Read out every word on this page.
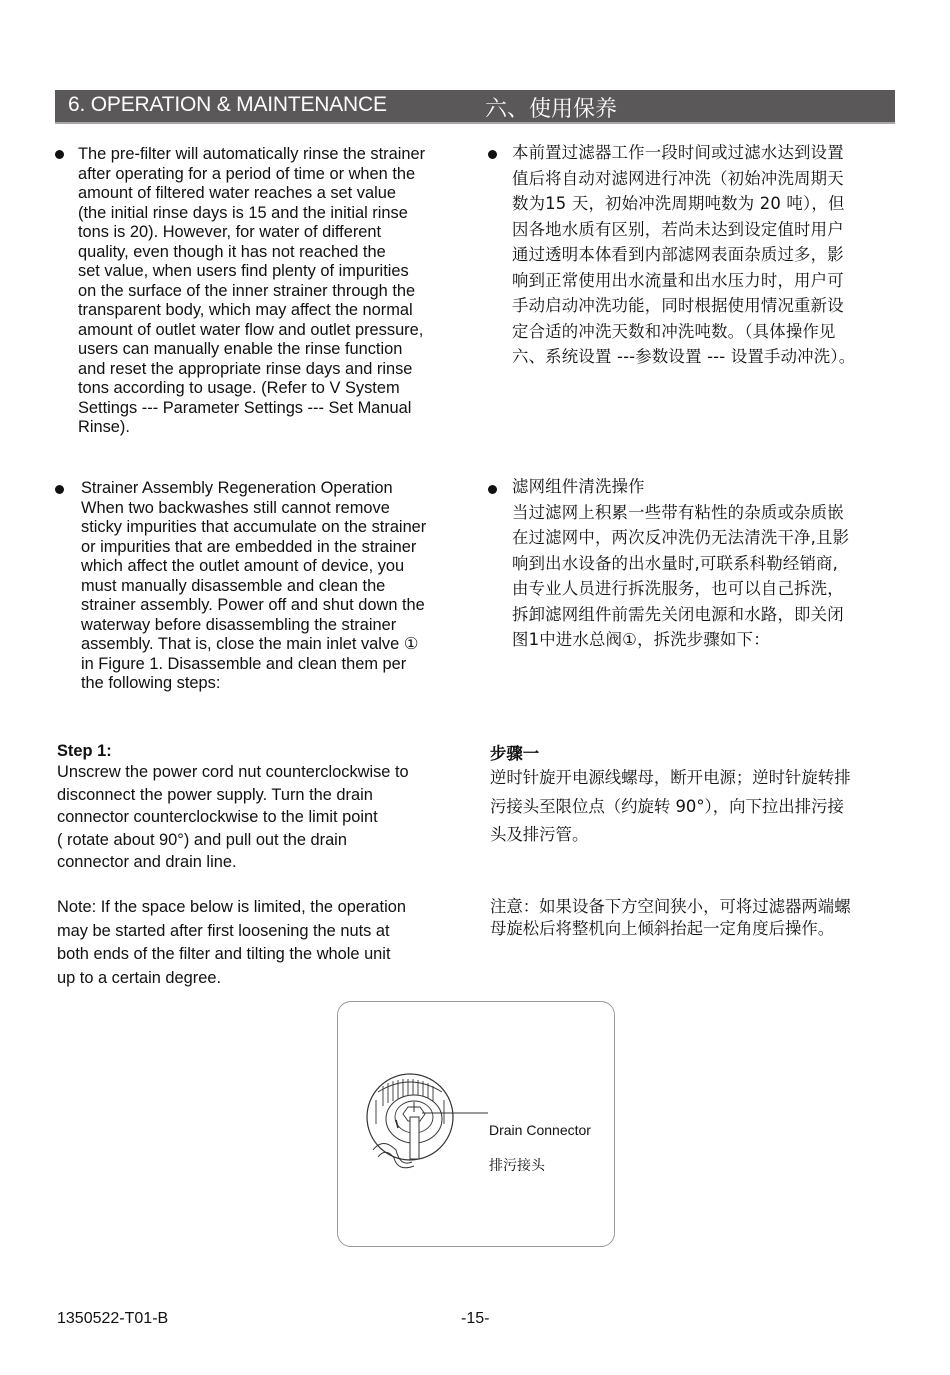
6. OPERATION & MAINTENANCE	六、使用保养
The pre-filter will automatically rinse the strainer
after operating for a period of time or when the
amount of filtered water reaches a set value
(the initial rinse days is 15 and the initial rinse
tons is 20). However, for water of different
quality, even though it has not reached the
set value, when users find plenty of impurities
on the surface of the inner strainer through the
transparent body, which may affect the normal
amount of outlet water flow and outlet pressure,
users can manually enable the rinse function
and reset the appropriate rinse days and rinse
tons according to usage. (Refer to V System
Settings --- Parameter Settings --- Set Manual
Rinse).
本前置过滤器工作一段时间或过滤水达到设置
值后将自动对滤网进行冲洗（初始冲洗周期天
数为15 天，初始冲洗周期吨数为 20 吨），但
因各地水质有区别，若尚未达到设定值时用户
通过透明本体看到内部滤网表面杂质过多，影
响到正常使用出水流量和出水压力时，用户可
手动启动冲洗功能，同时根据使用情况重新设
定合适的冲洗天数和冲洗吨数。（具体操作见
六、系统设置 ---参数设置 --- 设置手动冲洗）。
Strainer Assembly Regeneration Operation
When two backwashes still cannot remove
sticky impurities that accumulate on the strainer
or impurities that are embedded in the strainer
which affect the outlet amount of device, you
must manually disassemble and clean the
strainer assembly. Power off and shut down the
waterway before disassembling the strainer
assembly. That is, close the main inlet valve ①
in Figure 1. Disassemble and clean them per
the following steps:
滤网组件清洗操作
当过滤网上积累一些带有粘性的杂质或杂质嵌
在过滤网中，两次反冲洗仍无法清洗干净,且影
响到出水设备的出水量时,可联系科勒经销商,
由专业人员进行拆洗服务，也可以自己拆洗，
拆卸滤网组件前需先关闭电源和水路，即关闭
图1中进水总阀①，拆洗步骤如下：
Step 1:
Unscrew the power cord nut counterclockwise to
disconnect the power supply. Turn the drain
connector counterclockwise to the limit point
( rotate about 90°) and pull out the drain
connector and drain line.
步骤一
逆时针旋开电源线螺母，断开电源；逆时针旋转排
污接头至限位点（约旋转 90°），向下拉出排污接
头及排污管。
Note: If the space below is limited, the operation
may be started after first loosening the nuts at
both ends of the filter and tilting the whole unit
up to a certain degree.
注意：如果设备下方空间狭小，可将过滤器两端螺
母旋松后将整机向上倾斜抬起一定角度后操作。

Drain Connector

排污接头

1350522-T01-B	-15-
